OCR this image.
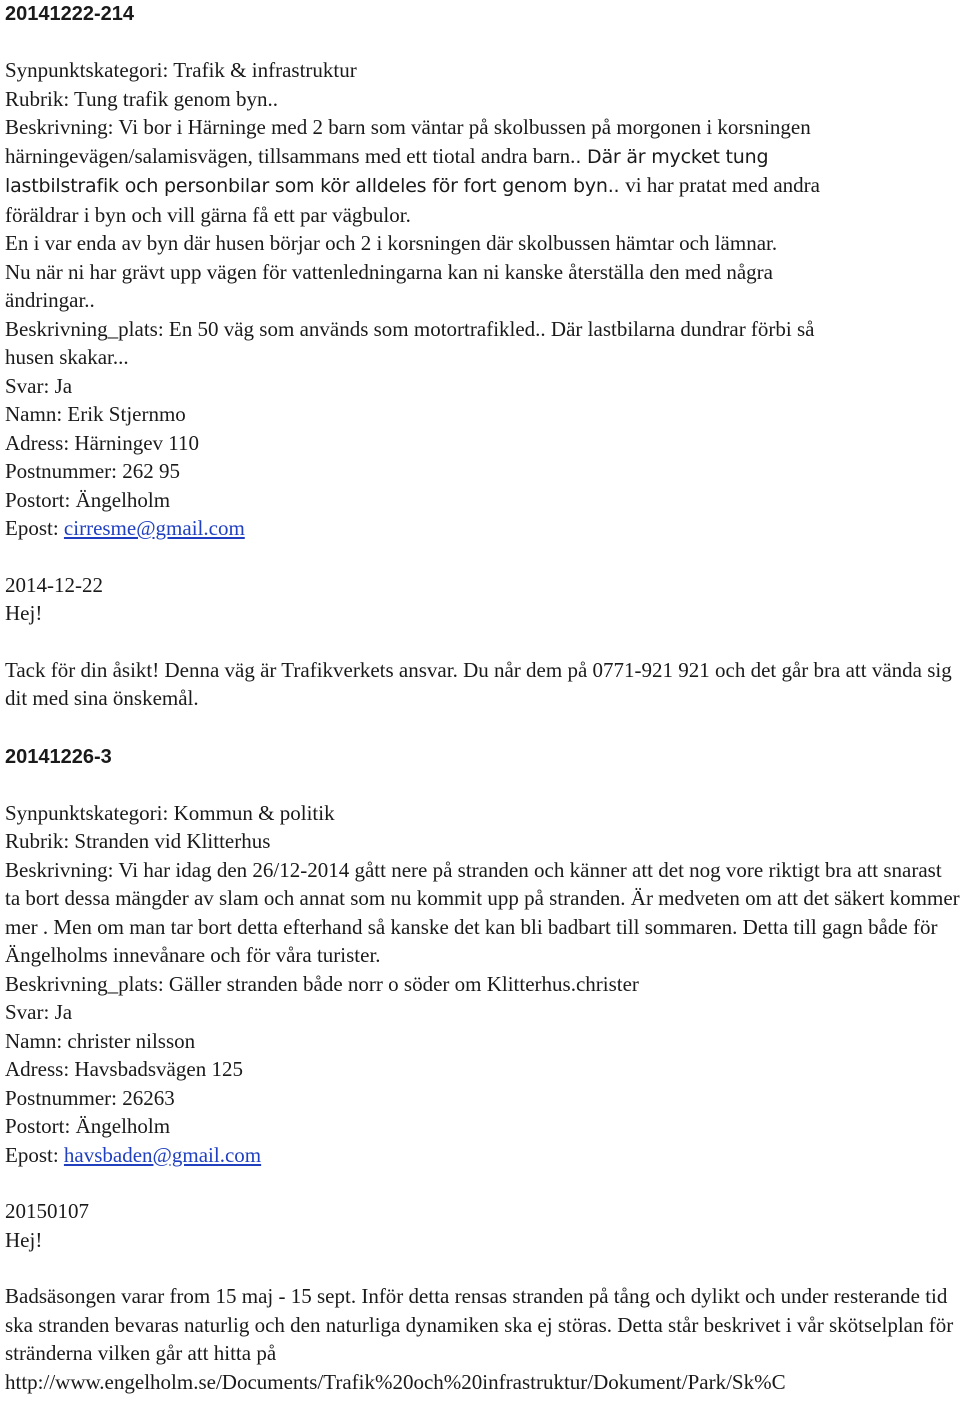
20141222-214

Synpunktskategori: Trafik & infrastruktur

Rubrik: Tung trafik genom byn..

Beskrivning: Vi bor i Härninge med 2 barn som väntar på skolbussen på morgonen i korsningen

härningevägen/salamisvägen, tillsammans med ett tiotal andra barn.. Där är mycket tung

lastbilstrafik och personbilar som kör alldeles för fort genom byn.. vi har pratat med andra

föräldrar i byn och vill gärna få ett par vägbulor.

En i var enda av byn där husen börjar och 2 i korsningen där skolbussen hämtar och lämnar.

Nu när ni har grävt upp vägen för vattenledningarna kan ni kanske återställa den med några

ändringar..

Beskrivning_plats: En 50 väg som används som motortrafikled.. Där lastbilarna dundrar förbi så

husen skakar...

Svar: Ja

Namn: Erik Stjernmo

Adress: Härningev 110

Postnummer: 262 95

Postort: Ängelholm

Epost: cirresme@gmail.com

2014-12-22

Hej!

Tack för din åsikt! Denna väg är Trafikverkets ansvar. Du når dem på 0771-921 921 och det går bra att vända sig dit med sina önskemål.

20141226-3

Synpunktskategori: Kommun & politik

Rubrik: Stranden vid Klitterhus

Beskrivning: Vi har idag den 26/12-2014 gått nere på stranden och känner att det nog vore riktigt bra att snarast ta bort dessa mängder av slam och annat som nu kommit upp på stranden. Är medveten om att det säkert kommer mer . Men om man tar bort detta efterhand så kanske det kan bli badbart till sommaren. Detta till gagn både för Ängelholms innevånare och för våra turister.

Beskrivning_plats: Gäller stranden både norr o söder om Klitterhus.christer

Svar: Ja

Namn: christer nilsson

Adress: Havsbadsvägen 125

Postnummer: 26263

Postort: Ängelholm

Epost: havsbaden@gmail.com

20150107

Hej!

Badsäsongen varar from 15 maj - 15 sept. Inför detta rensas stranden på tång och dylikt och under resterande tid ska stranden bevaras naturlig och den naturliga dynamiken ska ej störas. Detta står beskrivet i vår skötselplan för stränderna vilken går att hitta på

http://www.engelholm.se/Documents/Trafik%20och%20infrastruktur/Dokument/Park/Sk%C
